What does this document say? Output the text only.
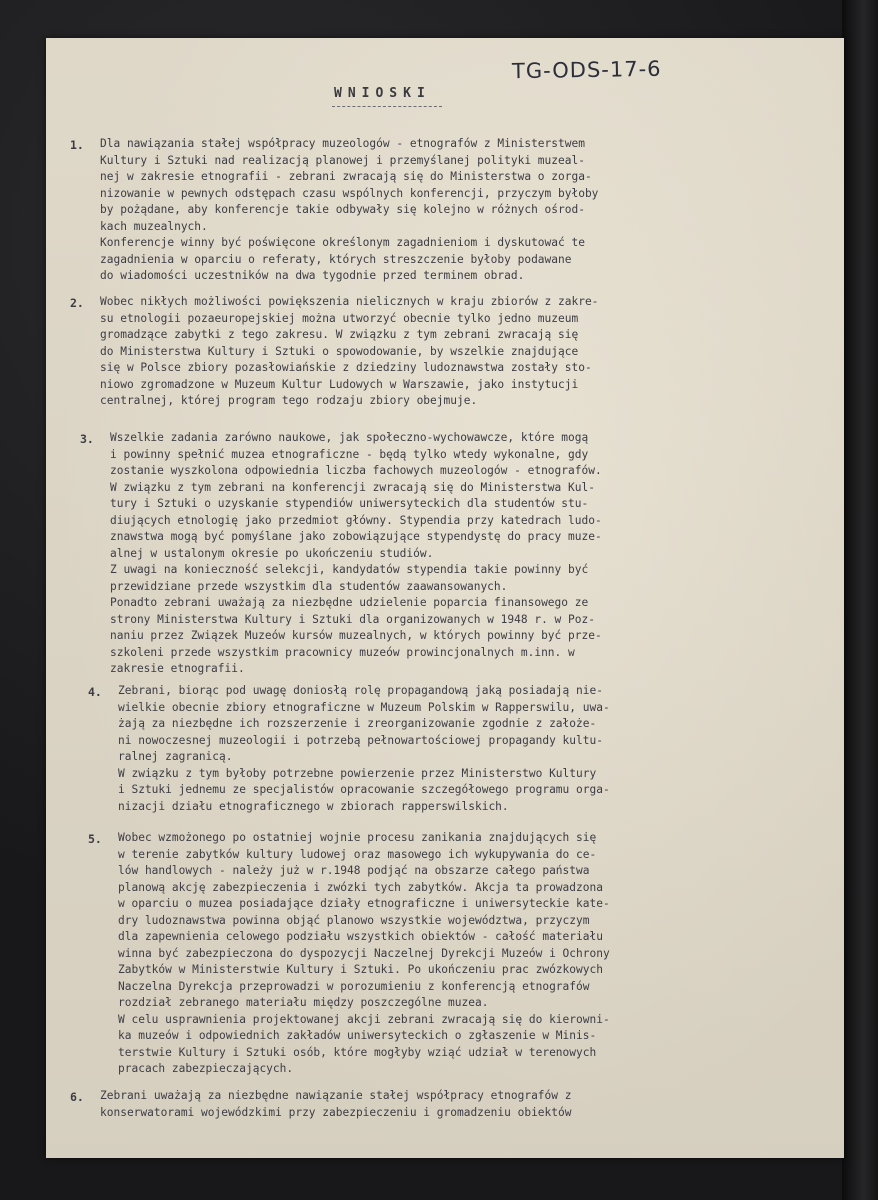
TG-ODS-17-6
WNIOSKI
1. Dla nawiązania stałej współpracy muzeologów - etnografów z Ministerstwem
Kultury i Sztuki nad realizacją planowej i przemyślanej polityki muzeal-
nej w zakresie etnografii - zebrani zwracają się do Ministerstwa o zorga-
nizowanie w pewnych odstępach czasu wspólnych konferencji, przyczym byłoby
by pożądane, aby konferencje takie odbywały się kolejno w różnych ośrod-
kach muzealnych.
Konferencje winny być poświęcone określonym zagadnieniom i dyskutować te
zagadnienia w oparciu o referaty, których streszczenie byłoby podawane
do wiadomości uczestników na dwa tygodnie przed terminem obrad.
2. Wobec nikłych możliwości powiększenia nielicznych w kraju zbiorów z zakre-
su etnologii pozaeuropejskiej można utworzyć obecnie tylko jedno muzeum
gromadzące zabytki z tego zakresu. W związku z tym zebrani zwracają się
do Ministerstwa Kultury i Sztuki o spowodowanie, by wszelkie znajdujące
się w Polsce zbiory pozasłowiańskie z dziedziny ludoznawstwa zostały sto-
niowo zgromadzone w Muzeum Kultur Ludowych w Warszawie, jako instytucji
centralnej, której program tego rodzaju zbiory obejmuje.
3. Wszelkie zadania zarówno naukowe, jak społeczno-wychowawcze, które mogą
i powinny spełnić muzea etnograficzne - będą tylko wtedy wykonalne, gdy
zostanie wyszkolona odpowiednia liczba fachowych muzeologów - etnografów.
W związku z tym zebrani na konferencji zwracają się do Ministerstwa Kul-
tury i Sztuki o uzyskanie stypendiów uniwersyteckich dla studentów stu-
diujących etnologię jako przedmiot główny. Stypendia przy katedrach ludo-
znawstwa mogą być pomyślane jako zobowiązujące stypendystę do pracy muze-
alnej w ustalonym okresie po ukończeniu studiów.
Z uwagi na konieczność selekcji, kandydatów stypendia takie powinny być
przewidziane przede wszystkim dla studentów zaawansowanych.
Ponadto zebrani uważają za niezbędne udzielenie poparcia finansowego ze
strony Ministerstwa Kultury i Sztuki dla organizowanych w 1948 r. w Poz-
naniu przez Związek Muzeów kursów muzealnych, w których powinny być prze-
szkoleni przede wszystkim pracownicy muzeów prowincjonalnych m.inn. w
zakresie etnografii.
4. Zebrani, biorąc pod uwagę doniosłą rolę propagandową jaką posiadają nie-
wielkie obecnie zbiory etnograficzne w Muzeum Polskim w Rapperswilu, uwa-
żają za niezbędne ich rozszerzenie i zreorganizowanie zgodnie z założe-
ni nowoczesnej muzeologii i potrzebą pełnowartościowej propagandy kultu-
ralnej zagranicą.
W związku z tym byłoby potrzebne powierzenie przez Ministerstwo Kultury
i Sztuki jednemu ze specjalistów opracowanie szczegółowego programu orga-
nizacji działu etnograficznego w zbiorach rapperswilskich.
5. Wobec wzmożonego po ostatniej wojnie procesu zanikania znajdujących się
w terenie zabytków kultury ludowej oraz masowego ich wykupywania do ce-
lów handlowych - należy już w r.1948 podjąć na obszarze całego państwa
planową akcję zabezpieczenia i zwózki tych zabytków. Akcja ta prowadzona
w oparciu o muzea posiadające działy etnograficzne i uniwersyteckie kate-
dry ludoznawstwa powinna objąć planowo wszystkie województwa, przyczym
dla zapewnienia celowego podziału wszystkich obiektów - całość materiału
winna być zabezpieczona do dyspozycji Naczelnej Dyrekcji Muzeów i Ochrony
Zabytków w Ministerstwie Kultury i Sztuki. Po ukończeniu prac zwózkowych
Naczelna Dyrekcja przeprowadzi w porozumieniu z konferencją etnografów
rozdział zebranego materiału między poszczególne muzea.
W celu usprawnienia projektowanej akcji zebrani zwracają się do kierowni-
ka muzeów i odpowiednich zakładów uniwersyteckich o zgłaszenie w Minis-
terstwie Kultury i Sztuki osób, które mogłyby wziąć udział w terenowych
pracach zabezpieczających.
6. Zebrani uważają za niezbędne nawiązanie stałej współpracy etnografów z
konserwatorami wojewódzkimi przy zabezpieczeniu i gromadzeniu obiektów
